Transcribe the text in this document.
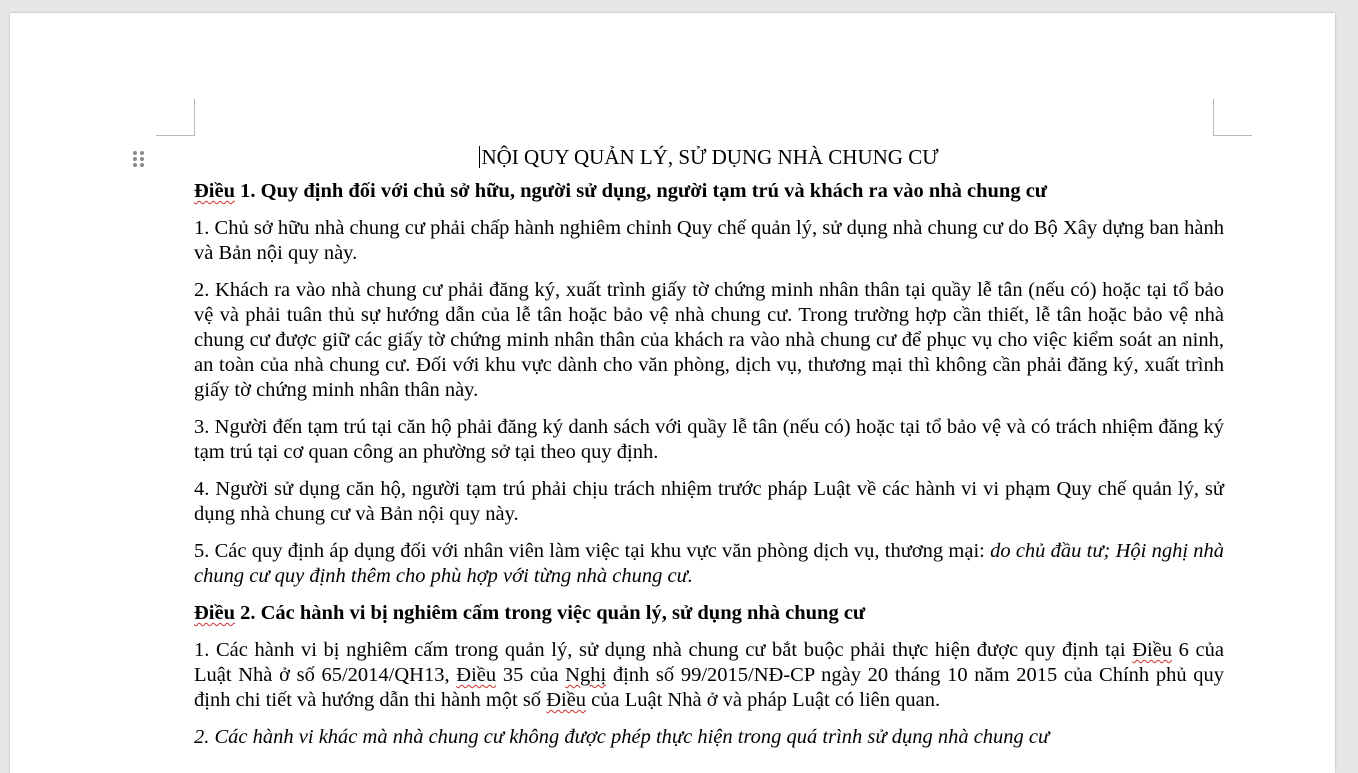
NỘI QUY QUẢN LÝ, SỬ DỤNG NHÀ CHUNG CƯ
Điều 1. Quy định đối với chủ sở hữu, người sử dụng, người tạm trú và khách ra vào nhà chung cư
1. Chủ sở hữu nhà chung cư phải chấp hành nghiêm chỉnh Quy chế quản lý, sử dụng nhà chung cư do Bộ Xây dựng ban hành và Bản nội quy này.
2. Khách ra vào nhà chung cư phải đăng ký, xuất trình giấy tờ chứng minh nhân thân tại quầy lễ tân (nếu có) hoặc tại tổ bảo vệ và phải tuân thủ sự hướng dẫn của lễ tân hoặc bảo vệ nhà chung cư. Trong trường hợp cần thiết, lễ tân hoặc bảo vệ nhà chung cư được giữ các giấy tờ chứng minh nhân thân của khách ra vào nhà chung cư để phục vụ cho việc kiểm soát an ninh, an toàn của nhà chung cư. Đối với khu vực dành cho văn phòng, dịch vụ, thương mại thì không cần phải đăng ký, xuất trình giấy tờ chứng minh nhân thân này.
3. Người đến tạm trú tại căn hộ phải đăng ký danh sách với quầy lễ tân (nếu có) hoặc tại tổ bảo vệ và có trách nhiệm đăng ký tạm trú tại cơ quan công an phường sở tại theo quy định.
4. Người sử dụng căn hộ, người tạm trú phải chịu trách nhiệm trước pháp Luật về các hành vi vi phạm Quy chế quản lý, sử dụng nhà chung cư và Bản nội quy này.
5. Các quy định áp dụng đối với nhân viên làm việc tại khu vực văn phòng dịch vụ, thương mại: do chủ đầu tư; Hội nghị nhà chung cư quy định thêm cho phù hợp với từng nhà chung cư.
Điều 2. Các hành vi bị nghiêm cấm trong việc quản lý, sử dụng nhà chung cư
1. Các hành vi bị nghiêm cấm trong quản lý, sử dụng nhà chung cư bắt buộc phải thực hiện được quy định tại Điều 6 của Luật Nhà ở số 65/2014/QH13, Điều 35 của Nghị định số 99/2015/NĐ-CP ngày 20 tháng 10 năm 2015 của Chính phủ quy định chi tiết và hướng dẫn thi hành một số Điều của Luật Nhà ở và pháp Luật có liên quan.
2. Các hành vi khác mà nhà chung cư không được phép thực hiện trong quá trình sử dụng nhà chung cư
